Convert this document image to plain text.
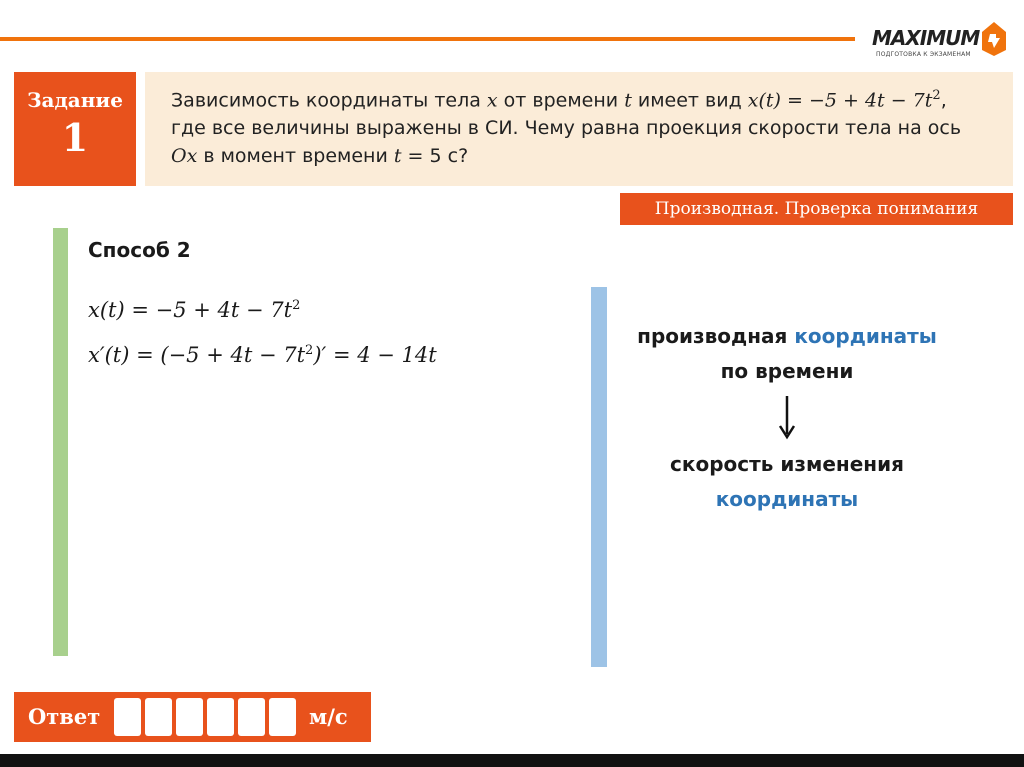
MAXIMUM
ПОДГОТОВКА К ЭКЗАМЕНАМ
Задание
1
Зависимость координаты тела x от времени t имеет вид $x(t) = -5 + 4t - 7t^2$,
где все величины выражены в СИ. Чему равна проекция скорости тела на ось
Ox в момент времени t = 5 с?
Производная. Проверка понимания
Способ 2
$x(t) = -5 + 4t - 7t^2$
$x'(t) = (-5 + 4t - 7t^2)' = 4 - 14t$
производная координаты
по времени
скорость изменения
координаты
Ответ	м/с
